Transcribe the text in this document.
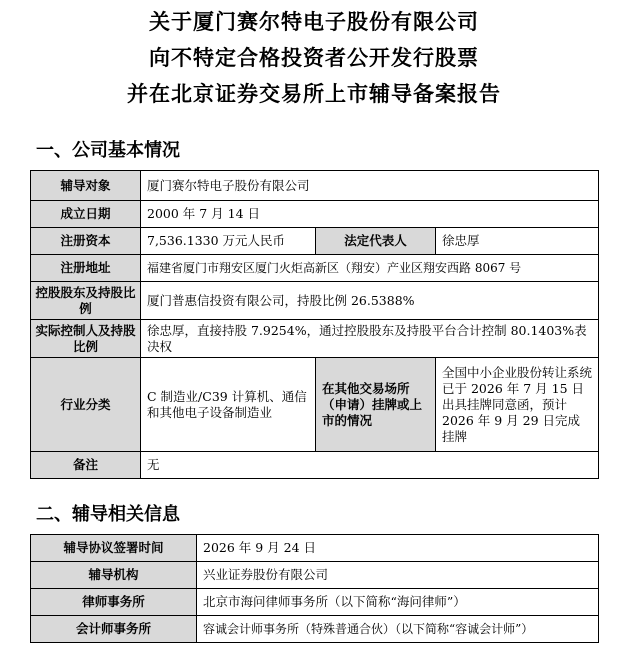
关于厦门赛尔特电子股份有限公司
向不特定合格投资者公开发行股票
并在北京证券交易所上市辅导备案报告
一、公司基本情况
辅导对象	厦门赛尔特电子股份有限公司		
成立日期	2000 年 7 月 14 日		
注册资本	7,536.1330 万元人民币	法定代表人	徐忠厚
注册地址	福建省厦门市翔安区厦门火炬高新区（翔安）产业区翔安西路 8067 号		
控股股东及持股比例	厦门普惠信投资有限公司，持股比例 26.5388%		
实际控制人及持股比例	徐忠厚，直接持股 7.9254%，通过控股股东及持股平台合计控制 80.1403%表决权		
行业分类	C 制造业/C39 计算机、通信和其他电子设备制造业	在其他交易场所（申请）挂牌或上市的情况	全国中小企业股份转让系统已于 2026 年 7 月 15 日出具挂牌同意函，预计 2026 年 9 月 29 日完成挂牌
备注	无		
二、辅导相关信息
辅导协议签署时间	2026 年 9 月 24 日
辅导机构	兴业证券股份有限公司
律师事务所	北京市海问律师事务所（以下简称“海问律师”）
会计师事务所	容诚会计师事务所（特殊普通合伙）（以下简称“容诚会计师”）
